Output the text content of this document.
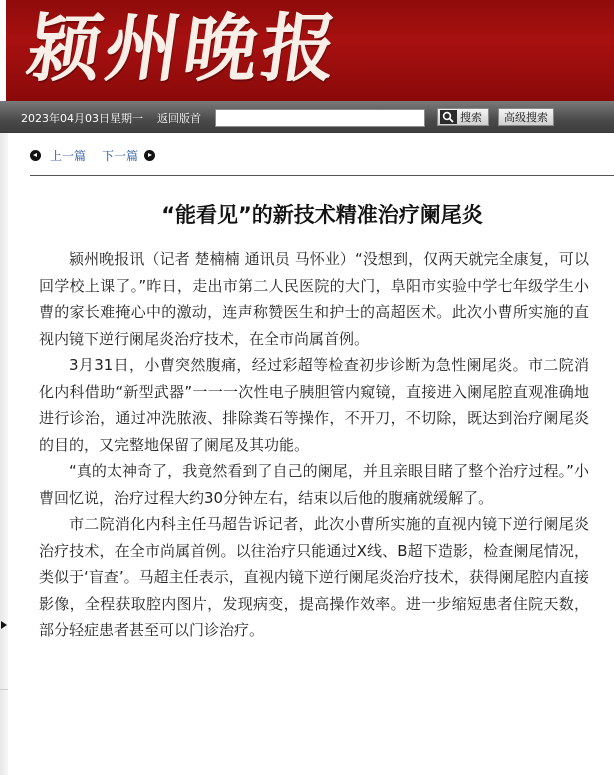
颍州晚报
2023年04月03日 星期一 返回版首	搜索	高级搜索
上一篇 下一篇
“能看见”的新技术精准治疗阑尾炎

颍州晚报讯（记者 楚楠楠 通讯员 马怀业）“没想到，仅两天就完全康复，可以回学校上课了。”昨日，走出市第二人民医院的大门，阜阳市实验中学七年级学生小曹的家长难掩心中的激动，连声称赞医生和护士的高超医术。此次小曹所实施的直视内镜下逆行阑尾炎治疗技术，在全市尚属首例。

3月31日，小曹突然腹痛，经过彩超等检查初步诊断为急性阑尾炎。市二院消化内科借助“新型武器”一一一次性电子胰胆管内窥镜，直接进入阑尾腔直观准确地进行诊治，通过冲洗脓液、排除粪石等操作，不开刀，不切除，既达到治疗阑尾炎的目的，又完整地保留了阑尾及其功能。

“真的太神奇了，我竟然看到了自己的阑尾，并且亲眼目睹了整个治疗过程。”小曹回忆说，治疗过程大约30分钟左右，结束以后他的腹痛就缓解了。

市二院消化内科主任马超告诉记者，此次小曹所实施的直视内镜下逆行阑尾炎治疗技术，在全市尚属首例。以往治疗只能通过X线、B超下造影，检查阑尾情况，类似于‘盲查’。马超主任表示，直视内镜下逆行阑尾炎治疗技术，获得阑尾腔内直接影像，全程获取腔内图片，发现病变，提高操作效率。进一步缩短患者住院天数，部分轻症患者甚至可以门诊治疗。
